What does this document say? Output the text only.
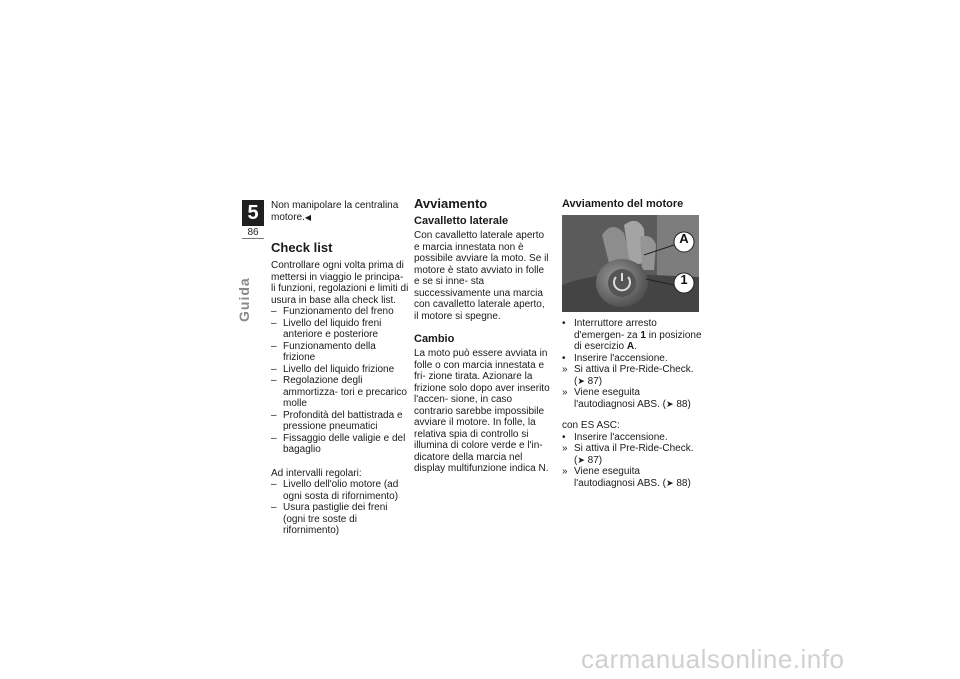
5
86
Guida

Non manipolare la centralina motore.◀

Check list

Controllare ogni volta prima di mettersi in viaggio le principa- li funzioni, regolazioni e limiti di usura in base alla check list.

– Funzionamento del freno
– Livello del liquido freni anteriore e posteriore
– Funzionamento della frizione
– Livello del liquido frizione
– Regolazione degli ammortizza- tori e precarico molle
– Profondità del battistrada e pressione pneumatici
– Fissaggio delle valigie e del bagaglio

Ad intervalli regolari:

– Livello dell'olio motore (ad ogni sosta di rifornimento)
– Usura pastiglie dei freni (ogni tre soste di rifornimento)
Avviamento
Cavalletto laterale

Con cavalletto laterale aperto e marcia innestata non è possibile avviare la moto. Se il motore è stato avviato in folle e se si inne- sta successivamente una marcia con cavalletto laterale aperto, il motore si spegne.

Cambio

La moto può essere avviata in folle o con marcia innestata e fri- zione tirata. Azionare la frizione solo dopo aver inserito l'accen- sione, in caso contrario sarebbe impossibile avviare il motore. In folle, la relativa spia di controllo si illumina di colore verde e l'in- dicatore della marcia nel display multifunzione indica N.

Avviamento del motore
A
1
• Interruttore arresto d'emergen- za 1 in posizione di esercizio A.
• Inserire l'accensione.
» Si attiva il Pre-Ride-Check.
(➤ 87)
» Viene eseguita l'autodiagnosi ABS. (➤ 88)

con ES ASC:

• Inserire l'accensione.
» Si attiva il Pre-Ride-Check.
(➤ 87)
» Viene eseguita l'autodiagnosi ABS. (➤ 88)
carmanualsonline.info
